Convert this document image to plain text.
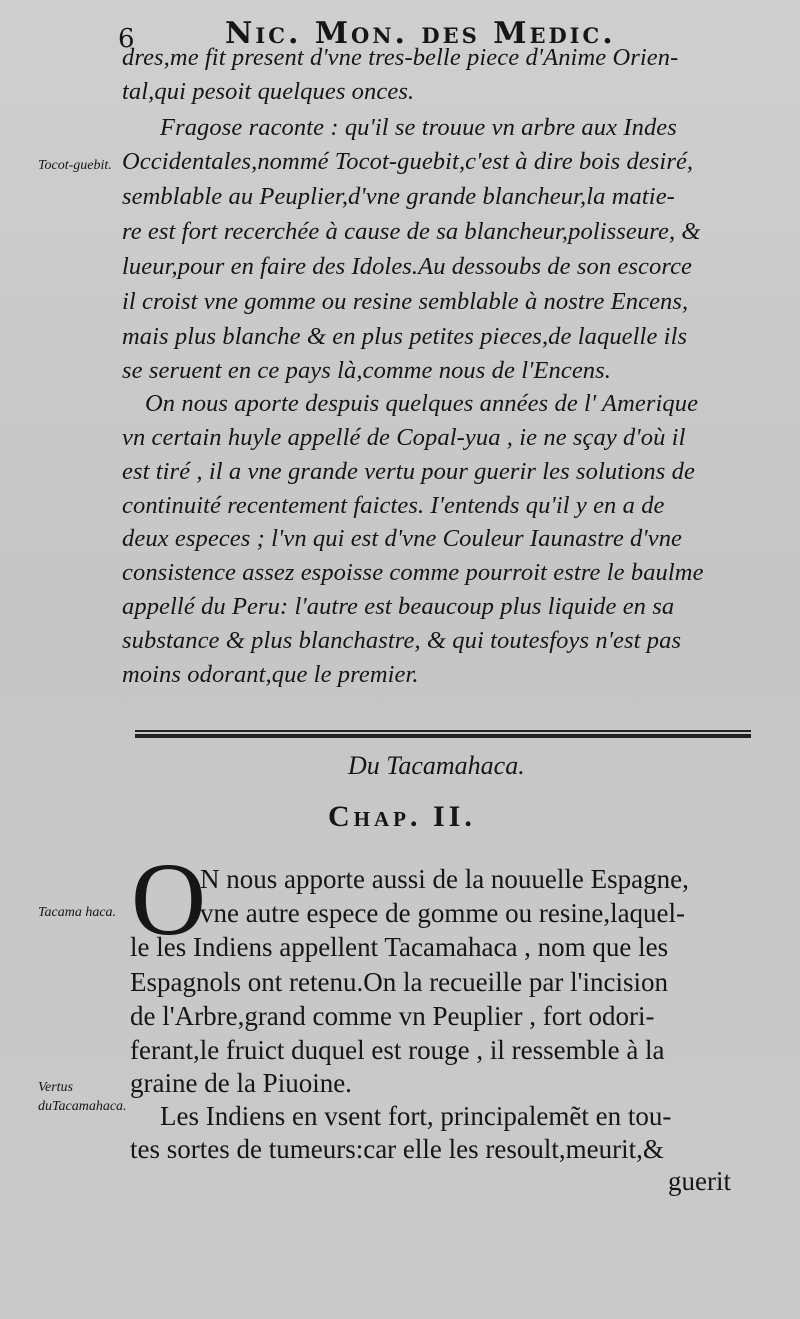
6	Nic. Mon. des Medic.
dres,me fit present d'vne tres-belle piece d'Anime Orien-
tal,qui pesoit quelques onces.
Fragose raconte : qu'il se trouue vn arbre aux Indes
Occidentales,nommé Tocot-guebit,c'est à dire bois desiré,
semblable au Peuplier,d'vne grande blancheur,la matie-
re est fort recerchée à cause de sa blancheur,polisseure, &
lueur,pour en faire des Idoles.Au dessoubs de son escorce
il croist vne gomme ou resine semblable à nostre Encens,
mais plus blanche & en plus petites pieces,de laquelle ils
se seruent en ce pays là,comme nous de l'Encens.
On nous aporte despuis quelques années de l' Amerique
vn certain huyle appellé de Copal-yua , ie ne sçay d'où il
est tiré , il a vne grande vertu pour guerir les solutions de
continuité recentement faictes. I'entends qu'il y en a de
deux especes ; l'vn qui est d'vne Couleur Iaunastre d'vne
consistence assez espoisse comme pourroit estre le baulme
appellé du Peru: l'autre est beaucoup plus liquide en sa
substance & plus blanchastre, & qui toutesfoys n'est pas
moins odorant,que le premier.
Tocot-guebit.
Du Tacamahaca.
Chap. II.
O
N nous apporte aussi de la nouuelle Espagne,
vne autre espece de gomme ou resine,laquel-
le les Indiens appellent Tacamahaca , nom que les
Espagnols ont retenu.On la recueille par l'incision
de l'Arbre,grand comme vn Peuplier , fort odori-
ferant,le fruict duquel est rouge , il ressemble à la
graine de la Piuoine.
Les Indiens en vsent fort, principalemẽt en tou-
tes sortes de tumeurs:car elle les resoult,meurit,&
Tacama haca.
Vertus duTacamahaca.
guerit
